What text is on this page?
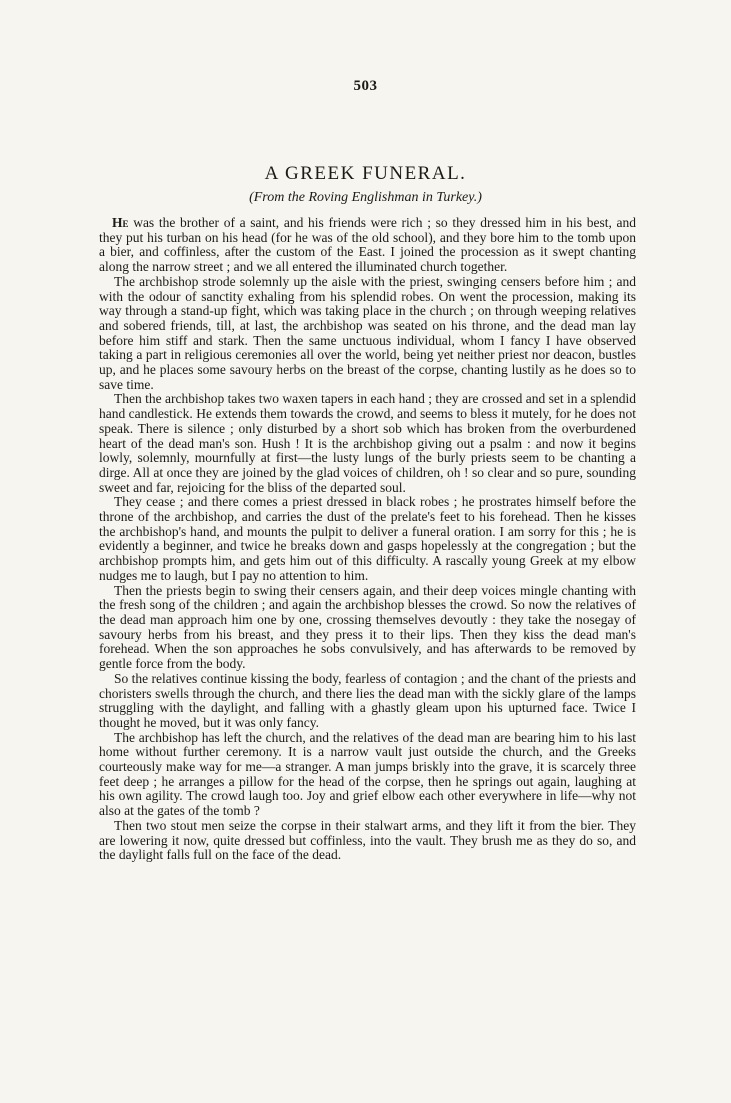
503
A GREEK FUNERAL.
(From the Roving Englishman in Turkey.)

He was the brother of a saint, and his friends were rich ; so they dressed him in his best, and they put his turban on his head (for he was of the old school), and they bore him to the tomb upon a bier, and coffinless, after the custom of the East. I joined the procession as it swept chanting along the narrow street ; and we all entered the illuminated church together.

The archbishop strode solemnly up the aisle with the priest, swinging censers before him ; and with the odour of sanctity exhaling from his splendid robes. On went the procession, making its way through a stand-up fight, which was taking place in the church ; on through weeping relatives and sobered friends, till, at last, the archbishop was seated on his throne, and the dead man lay before him stiff and stark. Then the same unctuous individual, whom I fancy I have observed taking a part in religious ceremonies all over the world, being yet neither priest nor deacon, bustles up, and he places some savoury herbs on the breast of the corpse, chanting lustily as he does so to save time.

Then the archbishop takes two waxen tapers in each hand ; they are crossed and set in a splendid hand candlestick. He extends them towards the crowd, and seems to bless it mutely, for he does not speak. There is silence ; only disturbed by a short sob which has broken from the overburdened heart of the dead man's son. Hush ! It is the archbishop giving out a psalm : and now it begins lowly, solemnly, mournfully at first—the lusty lungs of the burly priests seem to be chanting a dirge. All at once they are joined by the glad voices of children, oh ! so clear and so pure, sounding sweet and far, rejoicing for the bliss of the departed soul.

They cease ; and there comes a priest dressed in black robes ; he prostrates himself before the throne of the archbishop, and carries the dust of the prelate's feet to his forehead. Then he kisses the archbishop's hand, and mounts the pulpit to deliver a funeral oration. I am sorry for this ; he is evidently a beginner, and twice he breaks down and gasps hopelessly at the congregation ; but the archbishop prompts him, and gets him out of this difficulty. A rascally young Greek at my elbow nudges me to laugh, but I pay no attention to him.

Then the priests begin to swing their censers again, and their deep voices mingle chanting with the fresh song of the children ; and again the archbishop blesses the crowd. So now the relatives of the dead man approach him one by one, crossing themselves devoutly : they take the nosegay of savoury herbs from his breast, and they press it to their lips. Then they kiss the dead man's forehead. When the son approaches he sobs convulsively, and has afterwards to be removed by gentle force from the body.

So the relatives continue kissing the body, fearless of contagion ; and the chant of the priests and choristers swells through the church, and there lies the dead man with the sickly glare of the lamps struggling with the daylight, and falling with a ghastly gleam upon his upturned face. Twice I thought he moved, but it was only fancy.

The archbishop has left the church, and the relatives of the dead man are bearing him to his last home without further ceremony. It is a narrow vault just outside the church, and the Greeks courteously make way for me—a stranger. A man jumps briskly into the grave, it is scarcely three feet deep ; he arranges a pillow for the head of the corpse, then he springs out again, laughing at his own agility. The crowd laugh too. Joy and grief elbow each other everywhere in life—why not also at the gates of the tomb ?

Then two stout men seize the corpse in their stalwart arms, and they lift it from the bier. They are lowering it now, quite dressed but coffinless, into the vault. They brush me as they do so, and the daylight falls full on the face of the dead.
